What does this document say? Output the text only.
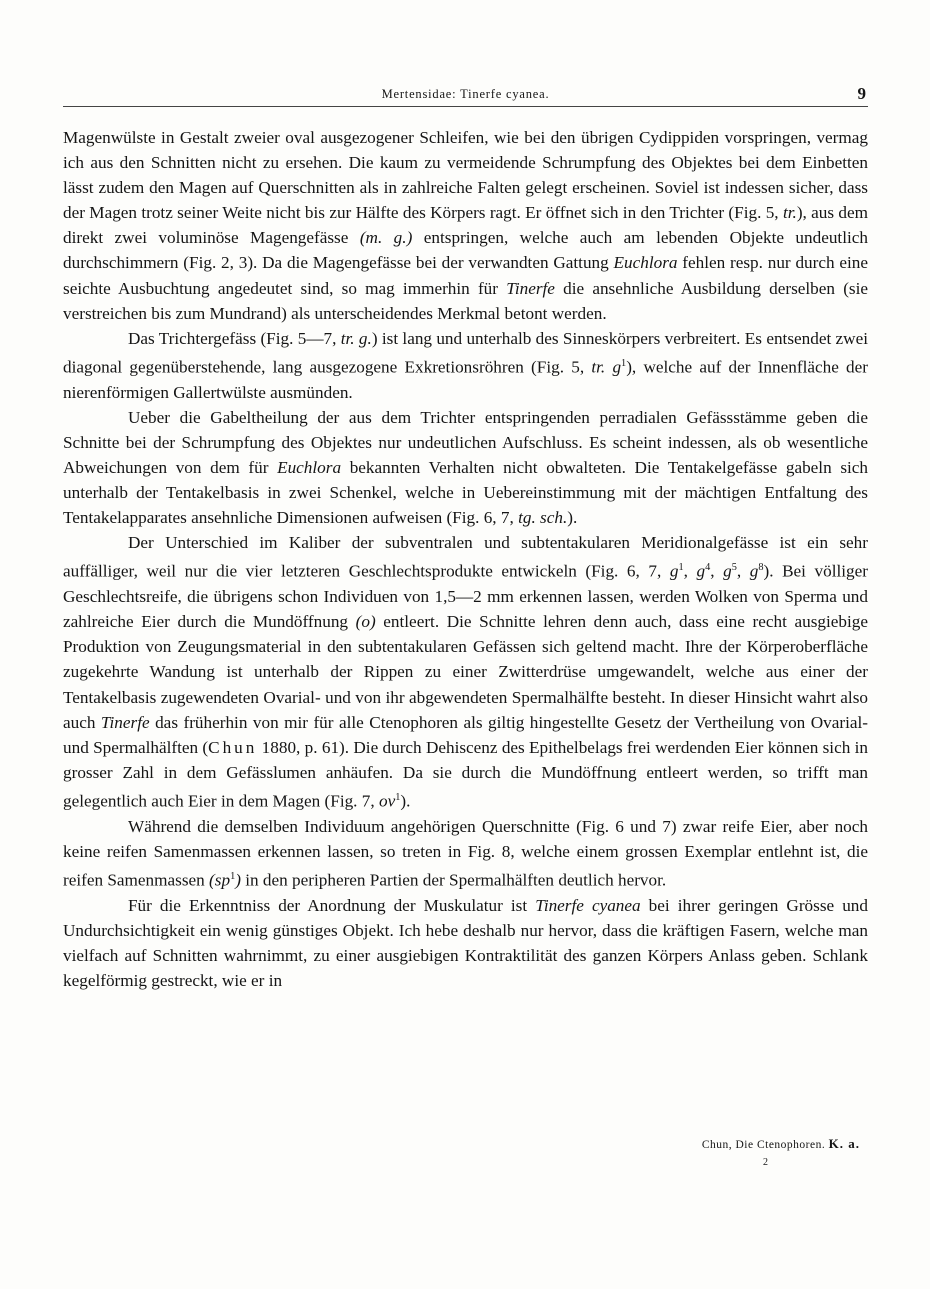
Mertensidae: Tinerfe cyanea.	9

Magenwülste in Gestalt zweier oval ausgezogener Schleifen, wie bei den übrigen Cydippiden vorspringen, vermag ich aus den Schnitten nicht zu ersehen. Die kaum zu vermeidende Schrumpfung des Objektes bei dem Einbetten lässt zudem den Magen auf Querschnitten als in zahlreiche Falten gelegt erscheinen. Soviel ist indessen sicher, dass der Magen trotz seiner Weite nicht bis zur Hälfte des Körpers ragt. Er öffnet sich in den Trichter (Fig. 5, tr.), aus dem direkt zwei voluminöse Magengefässe (m. g.) entspringen, welche auch am lebenden Objekte undeutlich durchschimmern (Fig. 2, 3). Da die Magengefässe bei der verwandten Gattung Euchlora fehlen resp. nur durch eine seichte Ausbuchtung angedeutet sind, so mag immerhin für Tinerfe die ansehnliche Ausbildung derselben (sie verstreichen bis zum Mundrand) als unterscheidendes Merkmal betont werden.

Das Trichtergefäss (Fig. 5—7, tr. g.) ist lang und unterhalb des Sinneskörpers verbreitert. Es entsendet zwei diagonal gegenüberstehende, lang ausgezogene Exkretionsröhren (Fig. 5, tr. $g^1$), welche auf der Innenfläche der nierenförmigen Gallertwülste ausmünden.

Ueber die Gabeltheilung der aus dem Trichter entspringenden perradialen Gefässstämme geben die Schnitte bei der Schrumpfung des Objektes nur undeutlichen Aufschluss. Es scheint indessen, als ob wesentliche Abweichungen von dem für Euchlora bekannten Verhalten nicht obwalteten. Die Tentakelgefässe gabeln sich unterhalb der Tentakelbasis in zwei Schenkel, welche in Uebereinstimmung mit der mächtigen Entfaltung des Tentakelapparates ansehnliche Dimensionen aufweisen (Fig. 6, 7, tg. sch.).

Der Unterschied im Kaliber der subventralen und subtentakularen Meridionalgefässe ist ein sehr auffälliger, weil nur die vier letzteren Geschlechtsprodukte entwickeln (Fig. 6, 7, $g^1$, $g^4$, $g^5$, $g^8$). Bei völliger Geschlechtsreife, die übrigens schon Individuen von 1,5—2 mm erkennen lassen, werden Wolken von Sperma und zahlreiche Eier durch die Mundöffnung (o) entleert. Die Schnitte lehren denn auch, dass eine recht ausgiebige Produktion von Zeugungsmaterial in den subtentakularen Gefässen sich geltend macht. Ihre der Körperoberfläche zugekehrte Wandung ist unterhalb der Rippen zu einer Zwitterdrüse umgewandelt, welche aus einer der Tentakelbasis zugewendeten Ovarial- und von ihr abgewendeten Spermalhälfte besteht. In dieser Hinsicht wahrt also auch Tinerfe das früherhin von mir für alle Ctenophoren als giltig hingestellte Gesetz der Vertheilung von Ovarial- und Spermalhälften (Chun 1880, p. 61). Die durch Dehiscenz des Epithelbelags frei werdenden Eier können sich in grosser Zahl in dem Gefässlumen anhäufen. Da sie durch die Mundöffnung entleert werden, so trifft man gelegentlich auch Eier in dem Magen (Fig. 7, $ov^1$).

Während die demselben Individuum angehörigen Querschnitte (Fig. 6 und 7) zwar reife Eier, aber noch keine reifen Samenmassen erkennen lassen, so treten in Fig. 8, welche einem grossen Exemplar entlehnt ist, die reifen Samenmassen $(sp^1)$ in den peripheren Partien der Spermalhälften deutlich hervor.

Für die Erkenntniss der Anordnung der Muskulatur ist Tinerfe cyanea bei ihrer geringen Grösse und Undurchsichtigkeit ein wenig günstiges Objekt. Ich hebe deshalb nur hervor, dass die kräftigen Fasern, welche man vielfach auf Schnitten wahrnimmt, zu einer ausgiebigen Kontraktilität des ganzen Körpers Anlass geben. Schlank kegelförmig gestreckt, wie er in

Chun, Die Ctenophoren. K. a.
2
